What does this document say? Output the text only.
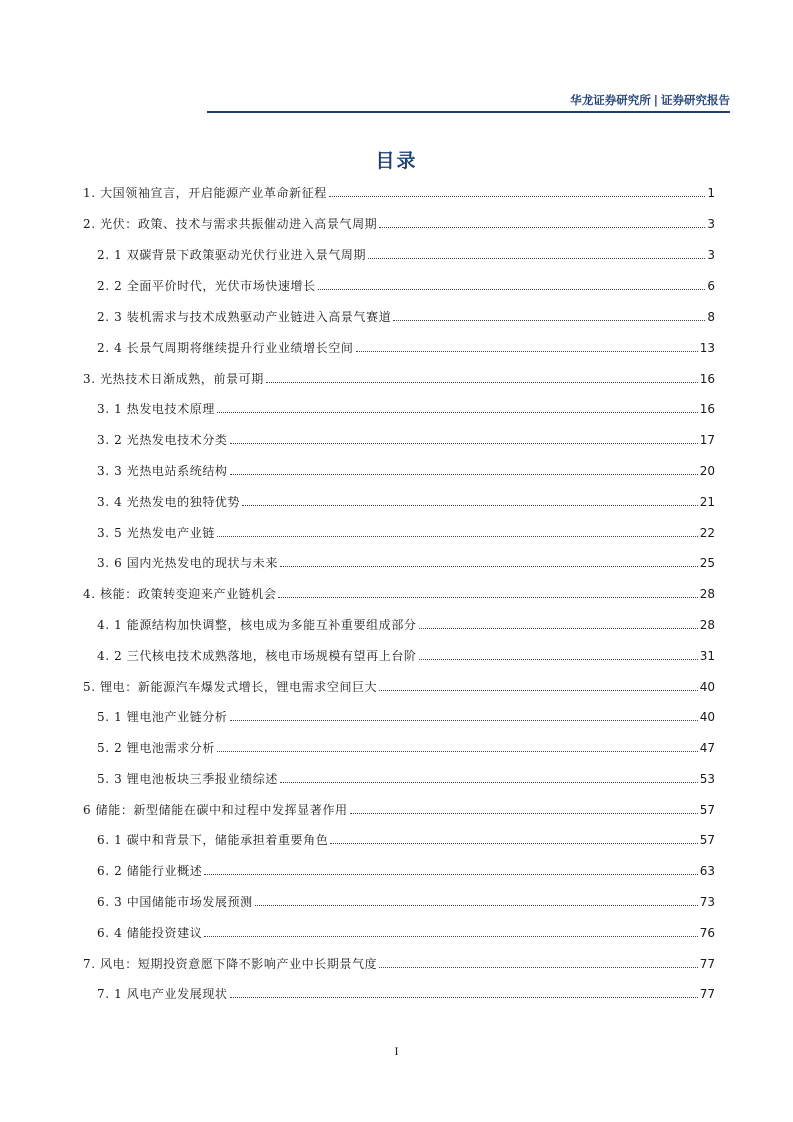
华龙证券研究所 | 证券研究报告
目录
1. 大国领袖宣言，开启能源产业革命新征程	1
2. 光伏：政策、技术与需求共振催动进入高景气周期	3
2. 1 双碳背景下政策驱动光伏行业进入景气周期	3
2. 2 全面平价时代，光伏市场快速增长	6
2. 3 装机需求与技术成熟驱动产业链进入高景气赛道	8
2. 4 长景气周期将继续提升行业业绩增长空间	13
3. 光热技术日渐成熟，前景可期	16
3. 1 热发电技术原理	16
3. 2 光热发电技术分类	17
3. 3 光热电站系统结构	20
3. 4 光热发电的独特优势	21
3. 5 光热发电产业链	22
3. 6 国内光热发电的现状与未来	25
4. 核能：政策转变迎来产业链机会	28
4. 1 能源结构加快调整，核电成为多能互补重要组成部分	28
4. 2 三代核电技术成熟落地，核电市场规模有望再上台阶	31
5. 锂电：新能源汽车爆发式增长，锂电需求空间巨大	40
5. 1 锂电池产业链分析	40
5. 2 锂电池需求分析	47
5. 3 锂电池板块三季报业绩综述	53
6 储能：新型储能在碳中和过程中发挥显著作用	57
6. 1 碳中和背景下，储能承担着重要角色	57
6. 2 储能行业概述	63
6. 3 中国储能市场发展预测	73
6. 4 储能投资建议	76
7. 风电：短期投资意愿下降不影响产业中长期景气度	77
7. 1 风电产业发展现状	77
I
